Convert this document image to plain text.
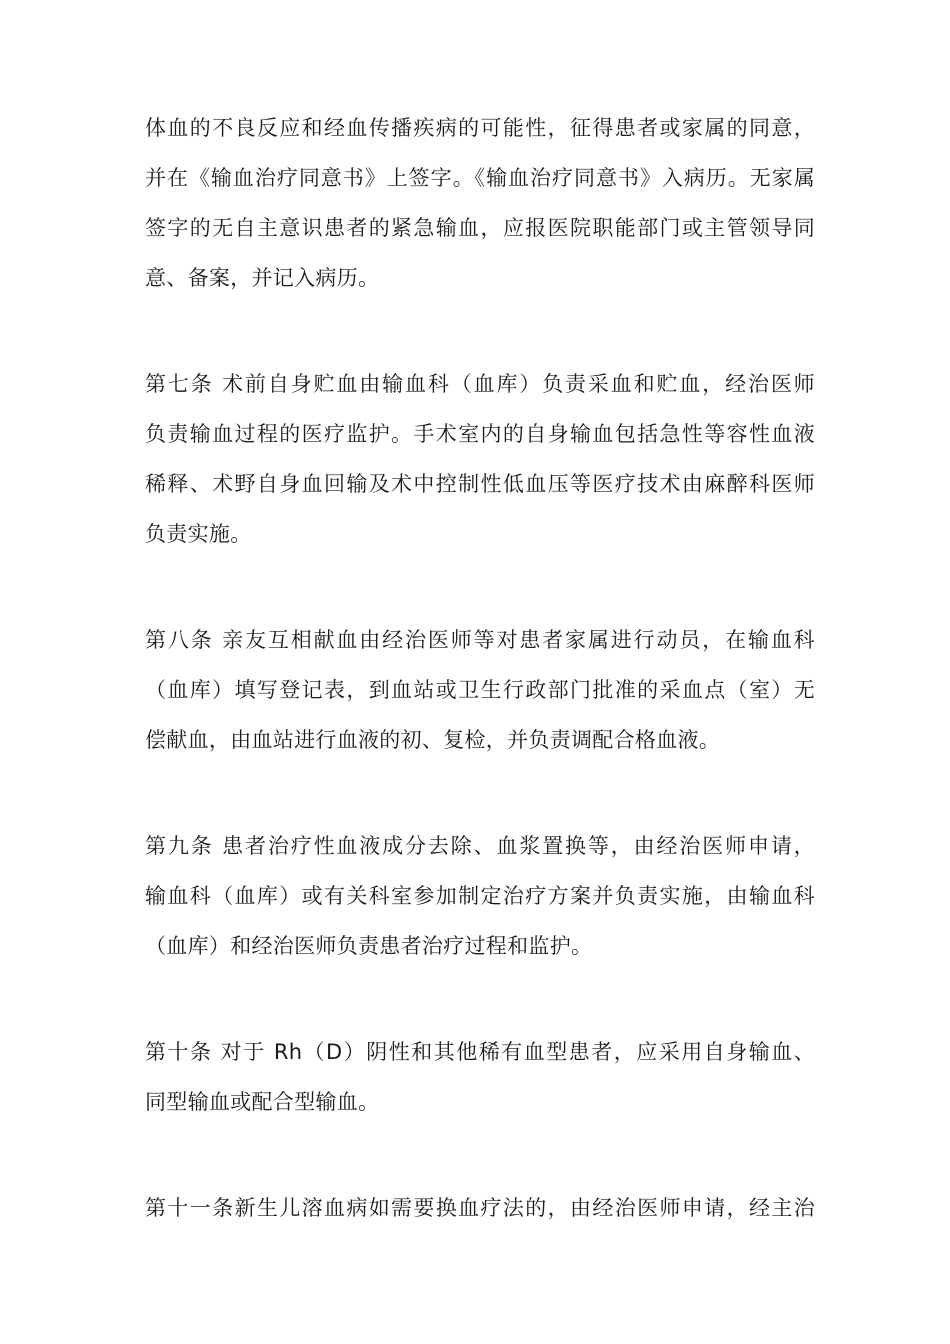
体血的不良反应和经血传播疾病的可能性，征得患者或家属的同意，
并在《输血治疗同意书》上签字。《输血治疗同意书》入病历。无家属
签字的无自主意识患者的紧急输血，应报医院职能部门或主管领导同
意、备案，并记入病历。
第七条 术前自身贮血由输血科（血库）负责采血和贮血，经治医师
负责输血过程的医疗监护。手术室内的自身输血包括急性等容性血液
稀释、术野自身血回输及术中控制性低血压等医疗技术由麻醉科医师
负责实施。
第八条 亲友互相献血由经治医师等对患者家属进行动员，在输血科
（血库）填写登记表，到血站或卫生行政部门批准的采血点（室）无
偿献血，由血站进行血液的初、复检，并负责调配合格血液。
第九条 患者治疗性血液成分去除、血浆置换等，由经治医师申请，
输血科（血库）或有关科室参加制定治疗方案并负责实施，由输血科
（血库）和经治医师负责患者治疗过程和监护。
第十条 对于 Rh（D）阴性和其他稀有血型患者，应采用自身输血、
同型输血或配合型输血。
第十一条新生儿溶血病如需要换血疗法的，由经治医师申请，经主治
